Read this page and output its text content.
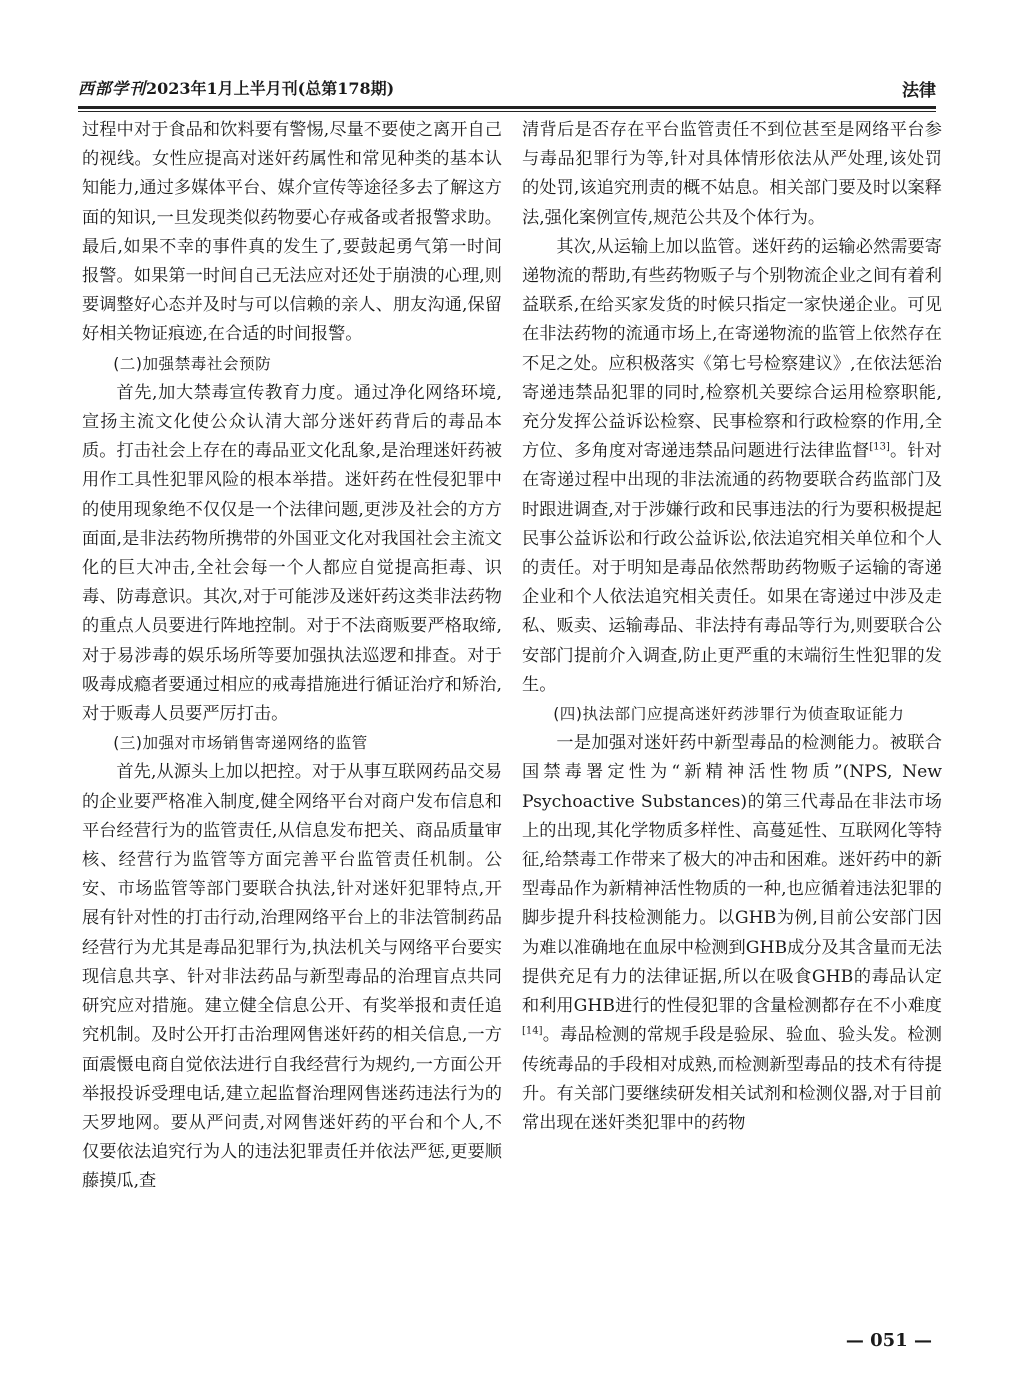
西部学刊2023年1月上半月刊(总第178期)	法律

过程中对于食品和饮料要有警惕,尽量不要使之离开自己的视线。女性应提高对迷奸药属性和常见种类的基本认知能力,通过多媒体平台、媒介宣传等途径多去了解这方面的知识,一旦发现类似药物要心存戒备或者报警求助。最后,如果不幸的事件真的发生了,要鼓起勇气第一时间报警。如果第一时间自己无法应对还处于崩溃的心理,则要调整好心态并及时与可以信赖的亲人、朋友沟通,保留好相关物证痕迹,在合适的时间报警。

(二)加强禁毒社会预防

首先,加大禁毒宣传教育力度。通过净化网络环境,宣扬主流文化使公众认清大部分迷奸药背后的毒品本质。打击社会上存在的毒品亚文化乱象,是治理迷奸药被用作工具性犯罪风险的根本举措。迷奸药在性侵犯罪中的使用现象绝不仅仅是一个法律问题,更涉及社会的方方面面,是非法药物所携带的外国亚文化对我国社会主流文化的巨大冲击,全社会每一个人都应自觉提高拒毒、识毒、防毒意识。其次,对于可能涉及迷奸药这类非法药物的重点人员要进行阵地控制。对于不法商贩要严格取缔,对于易涉毒的娱乐场所等要加强执法巡逻和排查。对于吸毒成瘾者要通过相应的戒毒措施进行循证治疗和矫治,对于贩毒人员要严厉打击。

(三)加强对市场销售寄递网络的监管

首先,从源头上加以把控。对于从事互联网药品交易的企业要严格准入制度,健全网络平台对商户发布信息和平台经营行为的监管责任,从信息发布把关、商品质量审核、经营行为监管等方面完善平台监管责任机制。公安、市场监管等部门要联合执法,针对迷奸犯罪特点,开展有针对性的打击行动,治理网络平台上的非法管制药品经营行为尤其是毒品犯罪行为,执法机关与网络平台要实现信息共享、针对非法药品与新型毒品的治理盲点共同研究应对措施。建立健全信息公开、有奖举报和责任追究机制。及时公开打击治理网售迷奸药的相关信息,一方面震慑电商自觉依法进行自我经营行为规约,一方面公开举报投诉受理电话,建立起监督治理网售迷药违法行为的天罗地网。要从严问责,对网售迷奸药的平台和个人,不仅要依法追究行为人的违法犯罪责任并依法严惩,更要顺藤摸瓜,查

清背后是否存在平台监管责任不到位甚至是网络平台参与毒品犯罪行为等,针对具体情形依法从严处理,该处罚的处罚,该追究刑责的概不姑息。相关部门要及时以案释法,强化案例宣传,规范公共及个体行为。

其次,从运输上加以监管。迷奸药的运输必然需要寄递物流的帮助,有些药物贩子与个别物流企业之间有着利益联系,在给买家发货的时候只指定一家快递企业。可见在非法药物的流通市场上,在寄递物流的监管上依然存在不足之处。应积极落实《第七号检察建议》,在依法惩治寄递违禁品犯罪的同时,检察机关要综合运用检察职能,充分发挥公益诉讼检察、民事检察和行政检察的作用,全方位、多角度对寄递违禁品问题进行法律监督[13]。针对在寄递过程中出现的非法流通的药物要联合药监部门及时跟进调查,对于涉嫌行政和民事违法的行为要积极提起民事公益诉讼和行政公益诉讼,依法追究相关单位和个人的责任。对于明知是毒品依然帮助药物贩子运输的寄递企业和个人依法追究相关责任。如果在寄递过中涉及走私、贩卖、运输毒品、非法持有毒品等行为,则要联合公安部门提前介入调查,防止更严重的末端衍生性犯罪的发生。

(四)执法部门应提高迷奸药涉罪行为侦查取证能力

一是加强对迷奸药中新型毒品的检测能力。被联合国禁毒署定性为“新精神活性物质”(NPS, New Psychoactive Substances)的第三代毒品在非法市场上的出现,其化学物质多样性、高蔓延性、互联网化等特征,给禁毒工作带来了极大的冲击和困难。迷奸药中的新型毒品作为新精神活性物质的一种,也应循着违法犯罪的脚步提升科技检测能力。以GHB为例,目前公安部门因为难以准确地在血尿中检测到GHB成分及其含量而无法提供充足有力的法律证据,所以在吸食GHB的毒品认定和利用GHB进行的性侵犯罪的含量检测都存在不小难度[14]。毒品检测的常规手段是验尿、验血、验头发。检测传统毒品的手段相对成熟,而检测新型毒品的技术有待提升。有关部门要继续研发相关试剂和检测仪器,对于目前常出现在迷奸类犯罪中的药物

— 051 —
